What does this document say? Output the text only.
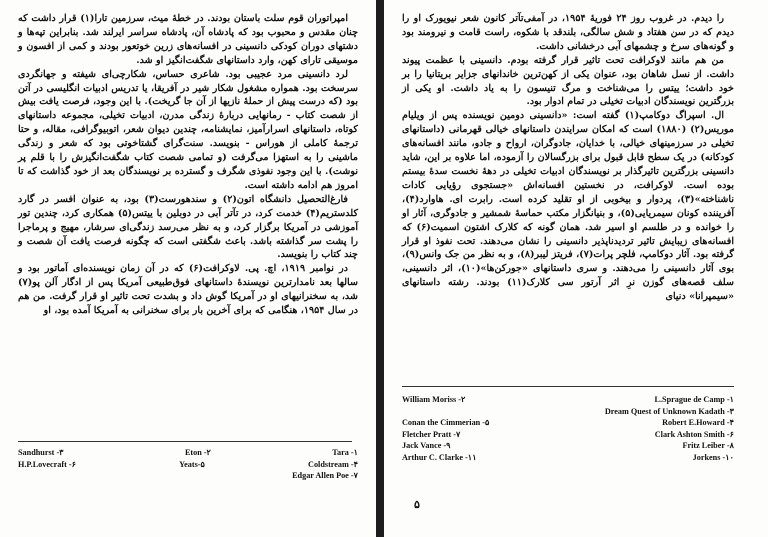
امپراتوران قوم سلت باستان بودند. در خطهٔ میث، سرزمین تارا(۱) قرار داشت که چنان مقدس و محبوب بود که پادشاه آن، پادشاه سراسر ایرلند شد. بنابراین تپه‌ها و دشتهای دوران کودکی دانسینی در افسانه‌های زرین خوتعور بودند و کمی از افسون و موسیقی تارای کهن، وارد داستانهای شگفت‌انگیز او شد.

لرد دانسینی مرد عجیبی بود. شاعری حساس، شکارچی‌ای شیفته و جهانگردی سرسخت بود. همواره مشغول شکار شیر در آفریقا، یا تدریس ادبیات انگلیسی در آتن بود (که درست پیش از حملهٔ نازیها از آن جا گریخت). با این وجود، فرصت یافت بیش از شصت کتاب - رمانهایی دربارهٔ زندگی مدرن، ادبیات تخیلی، مجموعه داستانهای کوتاه، داستانهای اسرارآمیز، نمایشنامه، چندین دیوان شعر، اتوبیوگرافی، مقاله، و حتا ترجمهٔ کاملی از هوراس - بنویسد. سنت‌گرای گشتاخوتی بود که شعر و زندگی ماشینی را به استهزا می‌گرفت (و تمامی شصت کتاب شگفت‌انگیزش را با قلم پر نوشت). با این وجود نفوذی شگرف و گسترده بر نویسندگان بعد از خود گذاشت که تا امروز هم ادامه داشته است.

فارغ‌التحصیل دانشگاه اتون(۲) و سندهورست(۳) بود، به عنوان افسر در گارد کلدستریم(۴) خدمت کرد، در تآتر آبی در دوبلین با ییتس(۵) همکاری کرد، چندین تور آموزشی در آمریکا برگزار کرد، و به نظر می‌رسد زندگی‌ای سرشار، مهیج و پرماجرا را پشت سر گذاشته باشد. باعث شگفتی است که چگونه فرصت یافت آن شصت و چند کتاب را بنویسد.

در نوامبر ۱۹۱۹، اچ. پی. لاوکرافت(۶) که در آن زمان نویسنده‌ای آماتور بود و سالها بعد نامدارترین نویسندهٔ داستانهای فوق‌طبیعی آمریکا پس از ادگار آلن پو(۷) شد، به سخنرانیهای او در آمریکا گوش داد و بشدت تحت تاثیر او قرار گرفت. من هم در سال ۱۹۵۴، هنگامی که برای آخرین بار برای سخنرانی به آمریکا آمده بود، او

Sandhurst -۳	Eton -۲	Tara -۱
H.P.Lovecraft -۶	Yeats-۵	Coldstream -۴
Edgar Allen Poe -۷

را دیدم. در غروب روز ۲۴ فوریهٔ ۱۹۵۴، در آمفی‌تآتر کانون شعر نیویورک او را دیدم که در سن هفتاد و شش سالگی، بلندقد با شکوه، راست قامت و نیرومند بود و گونه‌های سرخ و چشمهای آبی درخشانی داشت.

من هم مانند لاوکرافت تحت تاثیر قرار گرفته بودم. دانسینی با عظمت پیوند داشت. از نسل شاهان بود، عنوان یکی از کهن‌ترین خاندانهای جزایر بریتانیا را بر خود داشت؛ ییتس را می‌شناخت و مرگ تنیسون را به یاد داشت. او یکی از بزرگترین نویسندگان ادبیات تخیلی در تمام ادوار بود.

ال. اسپراگ دوکامپ(۱) گفته است: «دانسینی دومین نویسنده پس از ویلیام موریس(۲) (۱۸۸۰) است که امکان سرایندن داستانهای خیالی قهرمانی (داستانهای تخیلی در سرزمینهای خیالی، با خدایان، جادوگران، ارواح و جادو، مانند افسانه‌های کودکانه) در یک سطح قابل قبول برای بزرگسالان را آزموده، اما علاوه بر این، شاید دانسینی بزرگترین تاثیرگذار بر نویسندگان ادبیات تخیلی در دههٔ نخست سدهٔ بیستم بوده است. لاوکرافت، در نخستین افسانه‌اش «جستجوی رؤیایی کادات ناشناخته»(۳)، پردوار و بیخوبی از او تقلید کرده است. رابرت ای. هاوارد(۴)، آفریننده کونان سیمریایی(۵)، و بنیانگزار مکتب حماسهٔ شمشیر و جادوگری، آثار او را خوانده و در طلسم او اسیر شد. همان گونه که کلارک اشتون اسمیت(۶) که افسانه‌های زیبایش تاثیر تردیدناپذیر دانسینی را نشان می‌دهند. تحت نفوذ او قرار گرفته بود. آثار دوکامپ، فلچر پرات(۷)، فریتز لیبر(۸)، و به نظر من جک وانس(۹)، بوی آثار دانسینی را می‌دهند. و سری داستانهای «جورکن‌ها»(۱۰)، اثر دانسینی، سلف قصه‌های گوزن نرِ اثر آرتور سی کلارک(۱۱) بودند. رشته داستانهای «سیمپرانا» دنیای

William Moriss -۲	L.Sprague de Camp -۱
Dream Quest of Unknown Kadath -۳
Conan the Cimmerian -۵	Robert E.Howard -۴
Fletcher Pratt -۷	Clark Ashton Smith -۶
Jack Vance -۹	Fritz Leiber -۸
Arthur C. Clarke -۱۱	Jorkens -۱۰
۵
